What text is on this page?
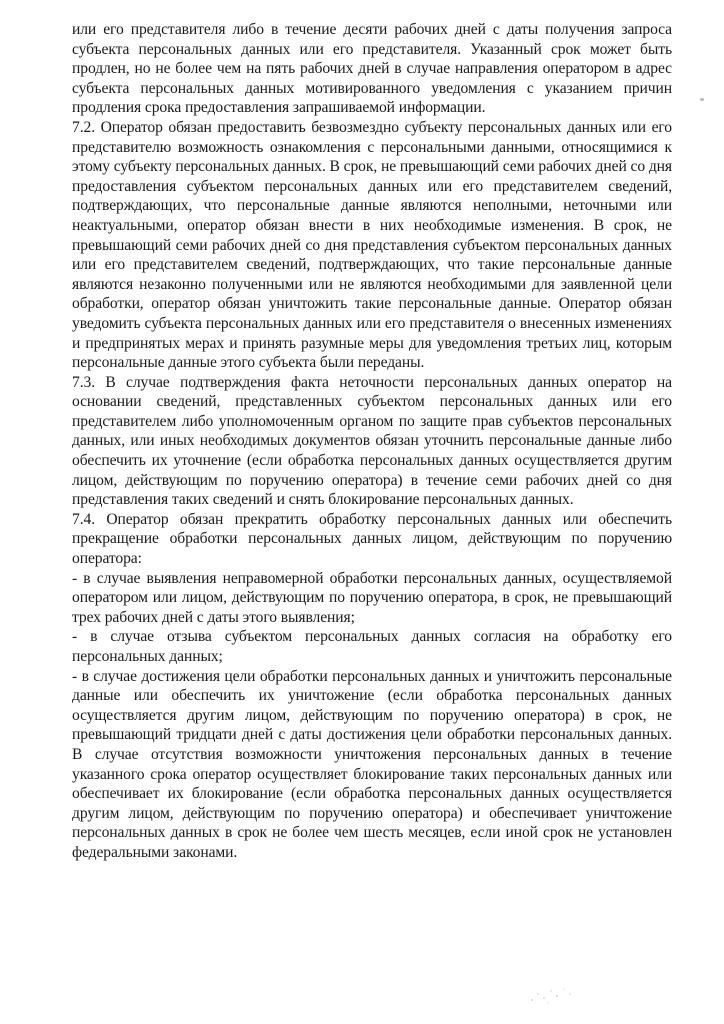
или его представителя либо в течение десяти рабочих дней с даты получения запроса субъекта персональных данных или его представителя. Указанный срок может быть продлен, но не более чем на пять рабочих дней в случае направления оператором в адрес субъекта персональных данных мотивированного уведомления с указанием причин продления срока предоставления запрашиваемой информации.

7.2. Оператор обязан предоставить безвозмездно субъекту персональных данных или его представителю возможность ознакомления с персональными данными, относящимися к этому субъекту персональных данных. В срок, не превышающий семи рабочих дней со дня предоставления субъектом персональных данных или его представителем сведений, подтверждающих, что персональные данные являются неполными, неточными или неактуальными, оператор обязан внести в них необходимые изменения. В срок, не превышающий семи рабочих дней со дня представления субъектом персональных данных или его представителем сведений, подтверждающих, что такие персональные данные являются незаконно полученными или не являются необходимыми для заявленной цели обработки, оператор обязан уничтожить такие персональные данные. Оператор обязан уведомить субъекта персональных данных или его представителя о внесенных изменениях и предпринятых мерах и принять разумные меры для уведомления третьих лиц, которым персональные данные этого субъекта были переданы.

7.3. В случае подтверждения факта неточности персональных данных оператор на основании сведений, представленных субъектом персональных данных или его представителем либо уполномоченным органом по защите прав субъектов персональных данных, или иных необходимых документов обязан уточнить персональные данные либо обеспечить их уточнение (если обработка персональных данных осуществляется другим лицом, действующим по поручению оператора) в течение семи рабочих дней со дня представления таких сведений и снять блокирование персональных данных.

7.4. Оператор обязан прекратить обработку персональных данных или обеспечить прекращение обработки персональных данных лицом, действующим по поручению оператора:

- в случае выявления неправомерной обработки персональных данных, осуществляемой оператором или лицом, действующим по поручению оператора, в срок, не превышающий трех рабочих дней с даты этого выявления;

- в случае отзыва субъектом персональных данных согласия на обработку его персональных данных;

- в случае достижения цели обработки персональных данных и уничтожить персональные данные или обеспечить их уничтожение (если обработка персональных данных осуществляется другим лицом, действующим по поручению оператора) в срок, не превышающий тридцати дней с даты достижения цели обработки персональных данных. В случае отсутствия возможности уничтожения персональных данных в течение указанного срока оператор осуществляет блокирование таких персональных данных или обеспечивает их блокирование (если обработка персональных данных осуществляется другим лицом, действующим по поручению оператора) и обеспечивает уничтожение персональных данных в срок не более чем шесть месяцев, если иной срок не установлен федеральными законами.
